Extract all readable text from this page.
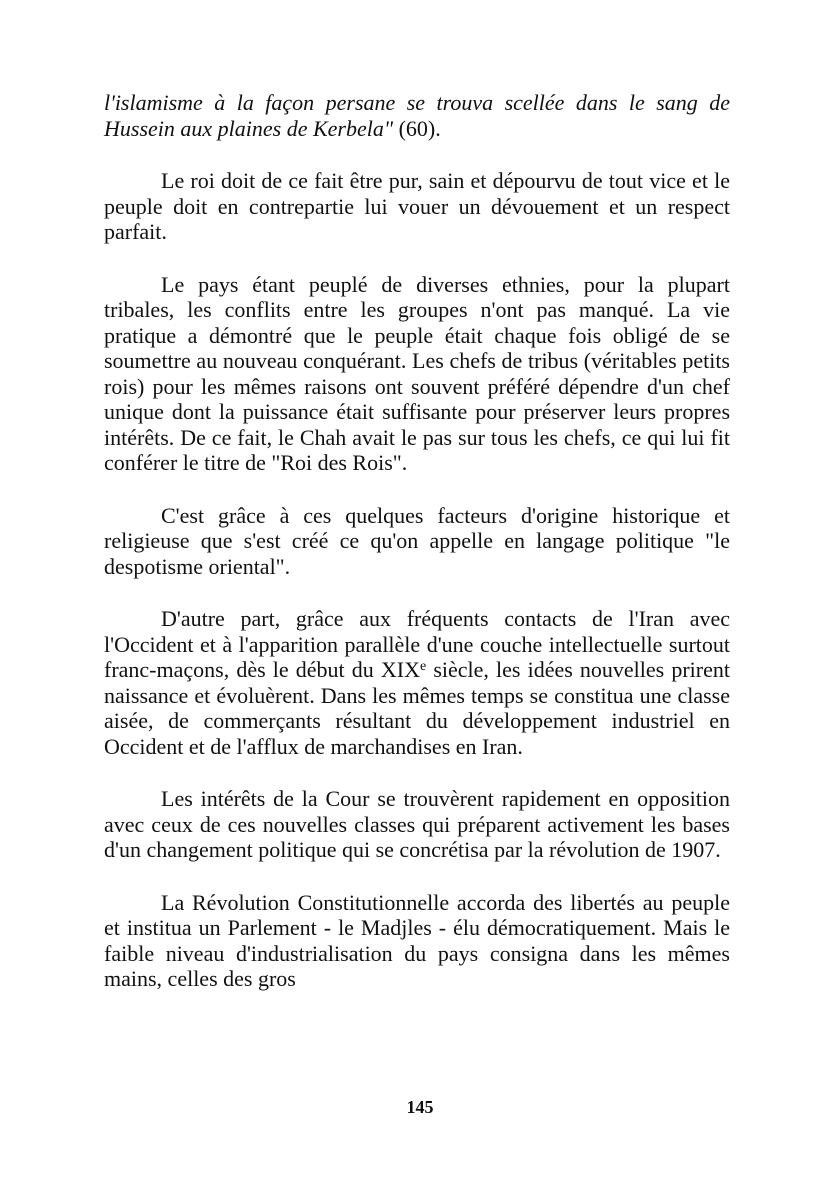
l'islamisme à la façon persane se trouva scellée dans le sang de Hussein aux plaines de Kerbela" (60).

Le roi doit de ce fait être pur, sain et dépourvu de tout vice et le peuple doit en contrepartie lui vouer un dévouement et un respect parfait.

Le pays étant peuplé de diverses ethnies, pour la plupart tribales, les conflits entre les groupes n'ont pas manqué. La vie pratique a démontré que le peuple était chaque fois obligé de se soumettre au nouveau conquérant. Les chefs de tribus (véritables petits rois) pour les mêmes raisons ont souvent préféré dépendre d'un chef unique dont la puissance était suffisante pour préserver leurs propres intérêts. De ce fait, le Chah avait le pas sur tous les chefs, ce qui lui fit conférer le titre de "Roi des Rois".

C'est grâce à ces quelques facteurs d'origine historique et religieuse que s'est créé ce qu'on appelle en langage politique "le despotisme oriental".

D'autre part, grâce aux fréquents contacts de l'Iran avec l'Occident et à l'apparition parallèle d'une couche intellectuelle surtout franc-maçons, dès le début du XIXe siècle, les idées nouvelles prirent naissance et évoluèrent. Dans les mêmes temps se constitua une classe aisée, de commerçants résultant du développement industriel en Occident et de l'afflux de marchandises en Iran.

Les intérêts de la Cour se trouvèrent rapidement en opposition avec ceux de ces nouvelles classes qui préparent activement les bases d'un changement politique qui se concrétisa par la révolution de 1907.

La Révolution Constitutionnelle accorda des libertés au peuple et institua un Parlement - le Madjles - élu démocratiquement. Mais le faible niveau d'industrialisation du pays consigna dans les mêmes mains, celles des gros

145
